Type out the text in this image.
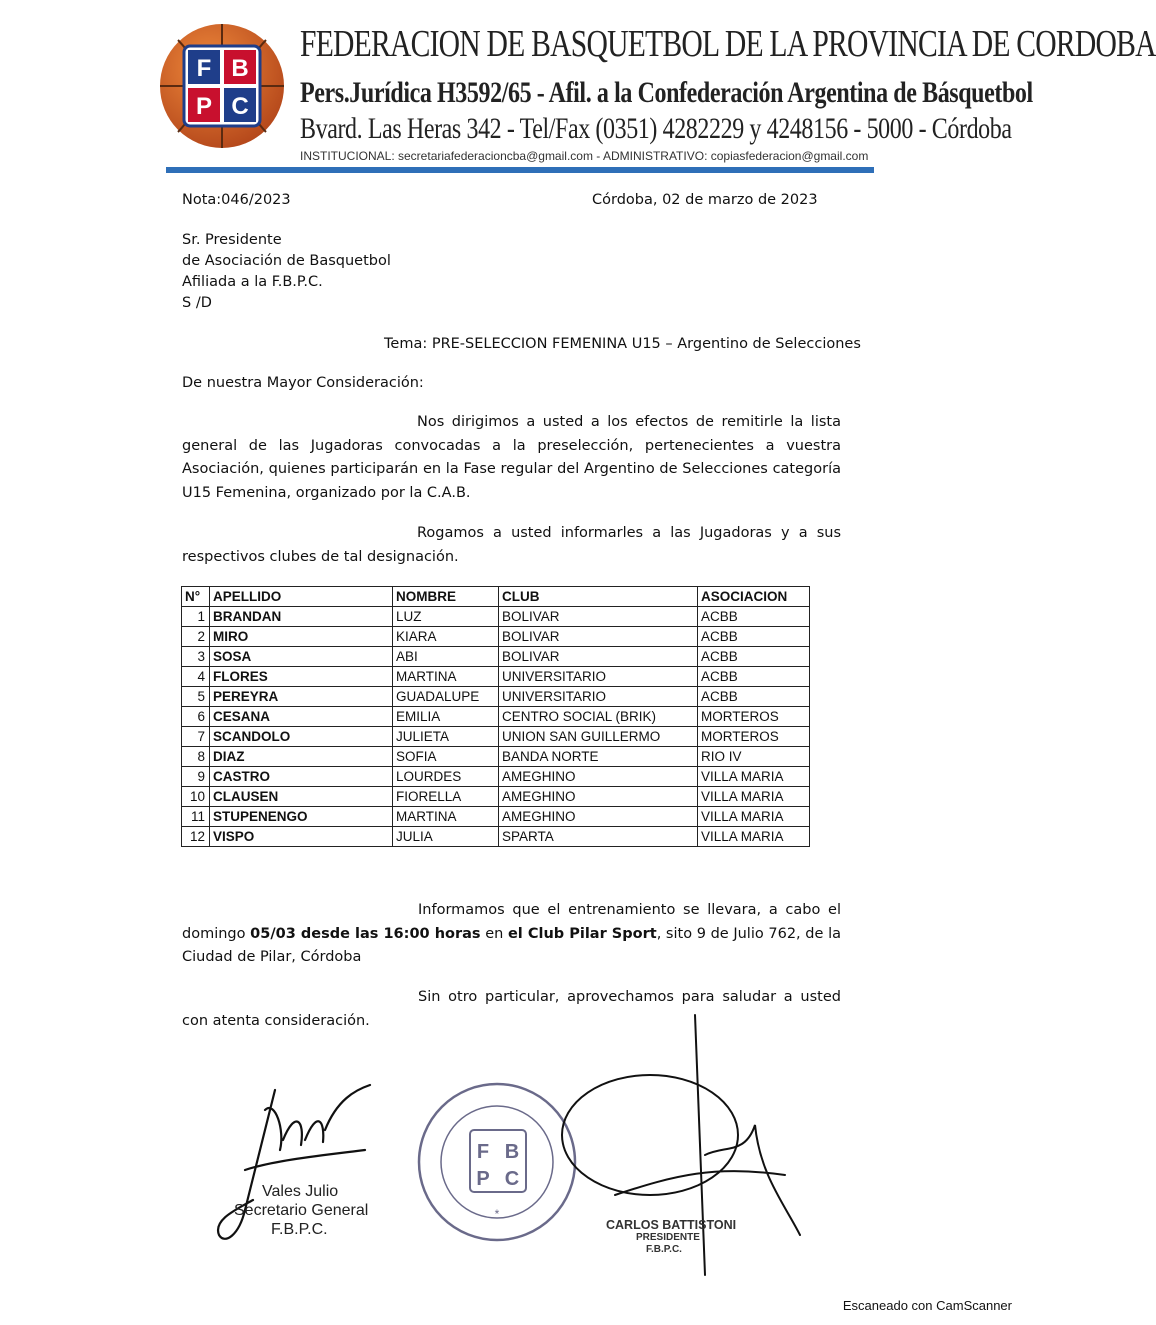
F B
P C
FEDERACION DE BASQUETBOL DE LA PROVINCIA DE CORDOBA
Pers.Jurídica H3592/65 - Afil. a la Confederación Argentina de Básquetbol
Bvard. Las Heras 342 - Tel/Fax (0351) 4282229 y 4248156 - 5000 - Córdoba
INSTITUCIONAL: secretariafederacioncba@gmail.com - ADMINISTRATIVO: copiasfederacion@gmail.com
Nota:046/2023	Córdoba, 02 de marzo de 2023
Sr. Presidente
de Asociación de Basquetbol
Afiliada a la F.B.P.C.
S /D
Tema: PRE-SELECCION FEMENINA U15 – Argentino de Selecciones
De nuestra Mayor Consideración:
Nos dirigimos a usted a los efectos de remitirle la lista general de las Jugadoras convocadas a la preselección, pertenecientes a vuestra Asociación, quienes participarán en la Fase regular del Argentino de Selecciones categoría U15 Femenina, organizado por la C.A.B.
Rogamos a usted informarles a las Jugadoras y a sus respectivos clubes de tal designación.
N°	APELLIDO	NOMBRE	CLUB	ASOCIACION
1	BRANDAN	LUZ	BOLIVAR	ACBB
2	MIRO	KIARA	BOLIVAR	ACBB
3	SOSA	ABI	BOLIVAR	ACBB
4	FLORES	MARTINA	UNIVERSITARIO	ACBB
5	PEREYRA	GUADALUPE	UNIVERSITARIO	ACBB
6	CESANA	EMILIA	CENTRO SOCIAL (BRIK)	MORTEROS
7	SCANDOLO	JULIETA	UNION SAN GUILLERMO	MORTEROS
8	DIAZ	SOFIA	BANDA NORTE	RIO IV
9	CASTRO	LOURDES	AMEGHINO	VILLA MARIA
10	CLAUSEN	FIORELLA	AMEGHINO	VILLA MARIA
11	STUPENENGO	MARTINA	AMEGHINO	VILLA MARIA
12	VISPO	JULIA	SPARTA	VILLA MARIA
Informamos que el entrenamiento se llevara, a cabo el domingo 05/03 desde las 16:00 horas en el Club Pilar Sport, sito 9 de Julio 762, de la Ciudad de Pilar, Córdoba
Sin otro particular, aprovechamos para saludar a usted con atenta consideración.
Vales Julio
Secretario General
F.B.P.C.
F B
P C
*
CARLOS BATTISTONI
PRESIDENTE
F.B.P.C.
Escaneado con CamScanner
